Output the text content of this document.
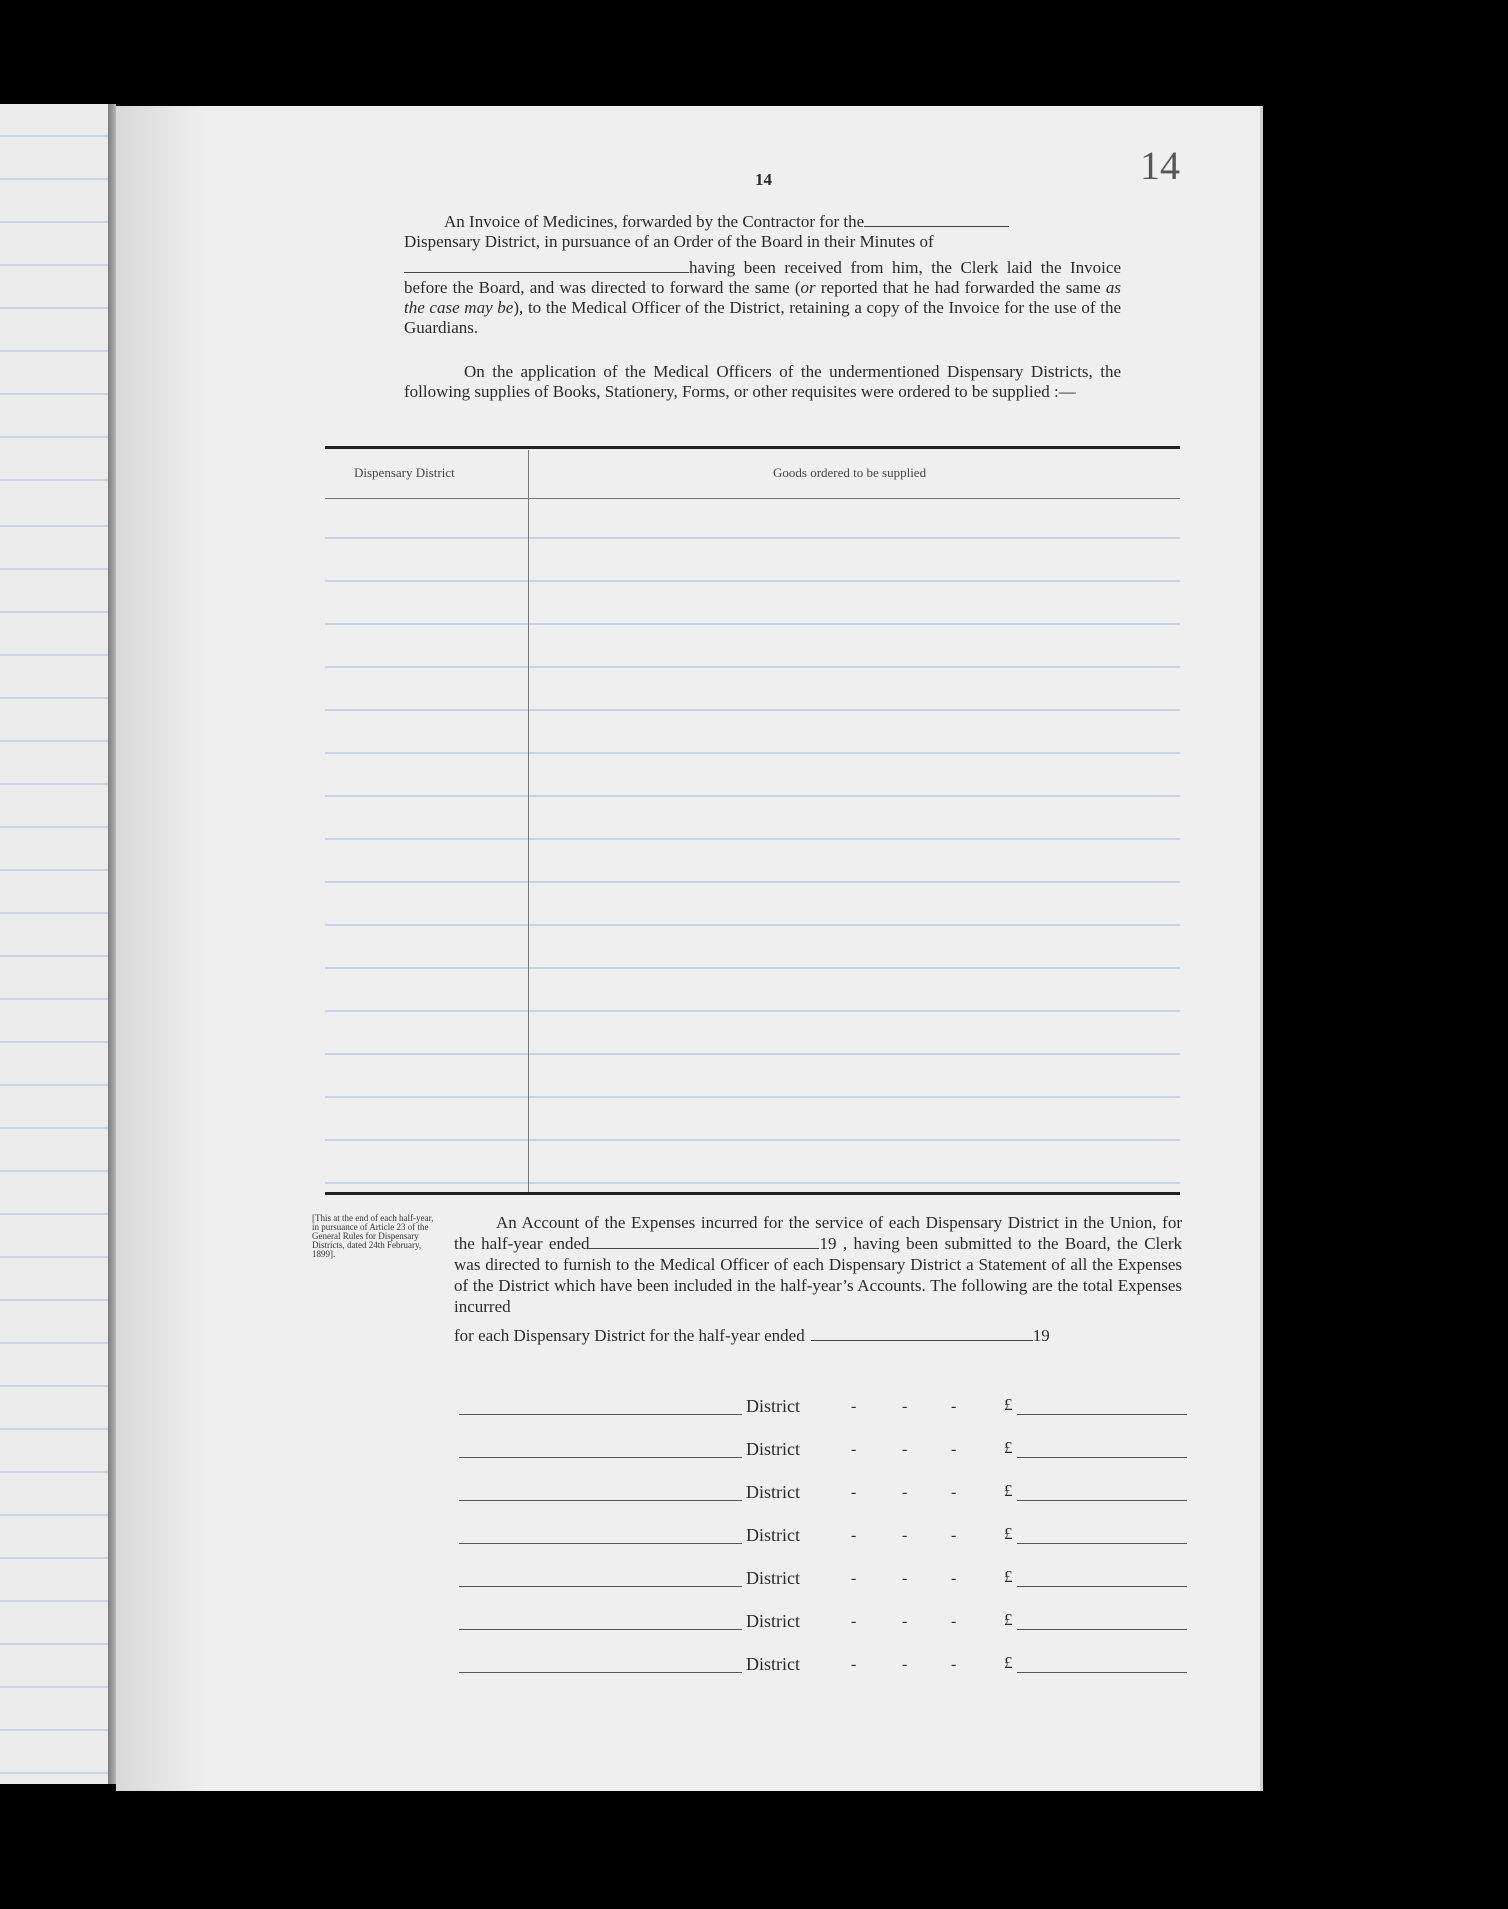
14	14

An Invoice of Medicines, forwarded by the Contractor for the

Dispensary District, in pursuance of an Order of the Board in their Minutes of

having been received from him, the Clerk laid the Invoice before the Board, and was directed to forward the same (or reported that he had forwarded the same as the case may be), to the Medical Officer of the District, retaining a copy of the Invoice for the use of the Guardians.

On the application of the Medical Officers of the undermentioned Dispensary Districts, the following supplies of Books, Stationery, Forms, or other requisites were ordered to be supplied :—
Dispensary District	Goods ordered to be supplied
[This at the end of each half-year, in pursuance of Article 23 of the General Rules for Dispensary Districts, dated 24th February, 1899].

An Account of the Expenses incurred for the service of each Dispensary District in the Union, for the half-year ended	19 , having been submitted to the Board, the Clerk was directed to furnish to the Medical Officer of each Dispensary District a Statement of all the Expenses of the District which have been included in the half-year’s Accounts. The following are the total Expenses incurred

for each Dispensary District for the half-year ended	19

District	-	-	-	£
District	-	-	-	£
District	-	-	-	£
District	-	-	-	£
District	-	-	-	£
District	-	-	-	£
District	-	-	-	£
